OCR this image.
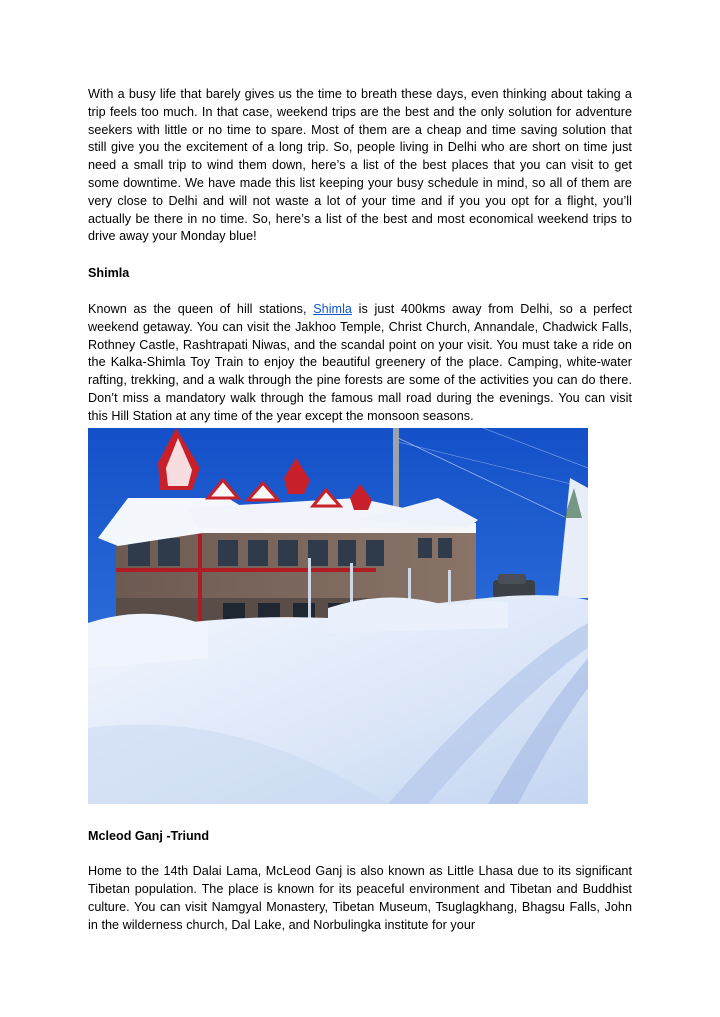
With a busy life that barely gives us the time to breath these days, even thinking about taking a trip feels too much. In that case, weekend trips are the best and the only solution for adventure seekers with little or no time to spare. Most of them are a cheap and time saving solution that still give you the excitement of a long trip. So, people living in Delhi who are short on time just need a small trip to wind them down, here’s a list of the best places that you can visit to get some downtime. We have made this list keeping your busy schedule in mind, so all of them are very close to Delhi and will not waste a lot of your time and if you you opt for a flight, you’ll actually be there in no time. So, here’s a list of the best and most economical weekend trips to drive away your Monday blue!

Shimla

Known as the queen of hill stations, Shimla is just 400kms away from Delhi, so a perfect weekend getaway. You can visit the Jakhoo Temple, Christ Church, Annandale, Chadwick Falls, Rothney Castle, Rashtrapati Niwas, and the scandal point on your visit. You must take a ride on the Kalka-Shimla Toy Train to enjoy the beautiful greenery of the place. Camping, white-water rafting, trekking, and a walk through the pine forests are some of the activities you can do there. Don’t miss a mandatory walk through the famous mall road during the evenings. You can visit this Hill Station at any time of the year except the monsoon seasons.

Mcleod Ganj -Triund

Home to the 14th Dalai Lama, McLeod Ganj is also known as Little Lhasa due to its significant Tibetan population. The place is known for its peaceful environment and Tibetan and Buddhist culture. You can visit Namgyal Monastery, Tibetan Museum, Tsuglagkhang, Bhagsu Falls, John in the wilderness church, Dal Lake, and Norbulingka institute for your
